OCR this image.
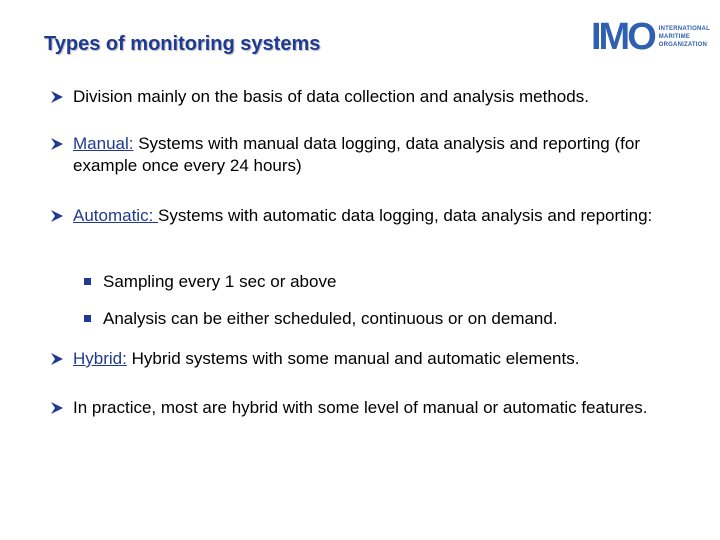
Types of monitoring systems	IMO INTERNATIONAL
MARITIME
ORGANIZATION
Division mainly on the basis of data collection and analysis methods.
Manual: Systems with manual data logging, data analysis and reporting (for example once every 24 hours)
Automatic: Systems with automatic data logging, data analysis and reporting:
Sampling every 1 sec or above
Analysis can be either scheduled, continuous or on demand.
Hybrid: Hybrid systems with some manual and automatic elements.
In practice, most are hybrid with some level of manual or automatic features.
